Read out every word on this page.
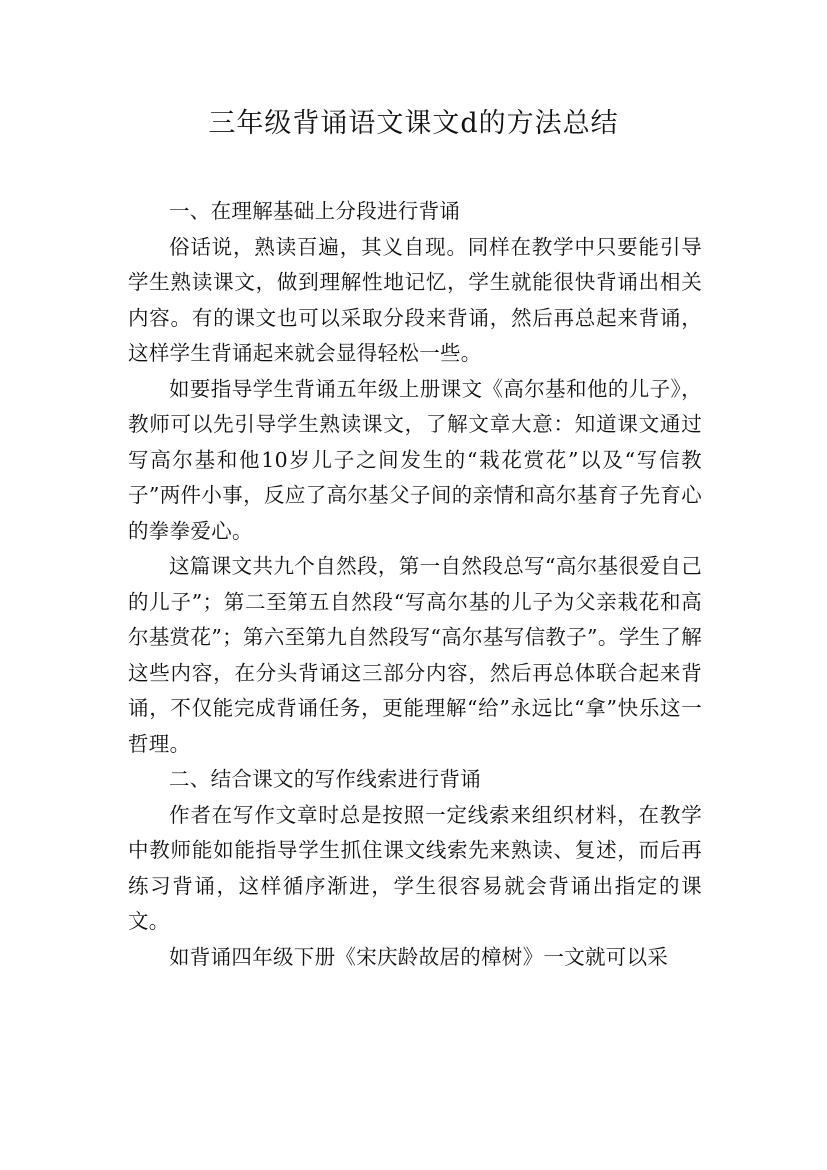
三年级背诵语文课文d的方法总结

一、在理解基础上分段进行背诵

俗话说，熟读百遍，其义自现。同样在教学中只要能引导学生熟读课文，做到理解性地记忆，学生就能很快背诵出相关内容。有的课文也可以采取分段来背诵，然后再总起来背诵，这样学生背诵起来就会显得轻松一些。

如要指导学生背诵五年级上册课文《高尔基和他的儿子》，教师可以先引导学生熟读课文，了解文章大意：知道课文通过写高尔基和他10岁儿子之间发生的“栽花赏花”以及“写信教子”两件小事，反应了高尔基父子间的亲情和高尔基育子先育心的拳拳爱心。

这篇课文共九个自然段，第一自然段总写“高尔基很爱自己的儿子”；第二至第五自然段“写高尔基的儿子为父亲栽花和高尔基赏花”；第六至第九自然段写“高尔基写信教子”。学生了解这些内容，在分头背诵这三部分内容，然后再总体联合起来背诵，不仅能完成背诵任务，更能理解“给”永远比“拿”快乐这一哲理。

二、结合课文的写作线索进行背诵

作者在写作文章时总是按照一定线索来组织材料，在教学中教师能如能指导学生抓住课文线索先来熟读、复述，而后再练习背诵，这样循序渐进，学生很容易就会背诵出指定的课文。

如背诵四年级下册《宋庆龄故居的樟树》一文就可以采
